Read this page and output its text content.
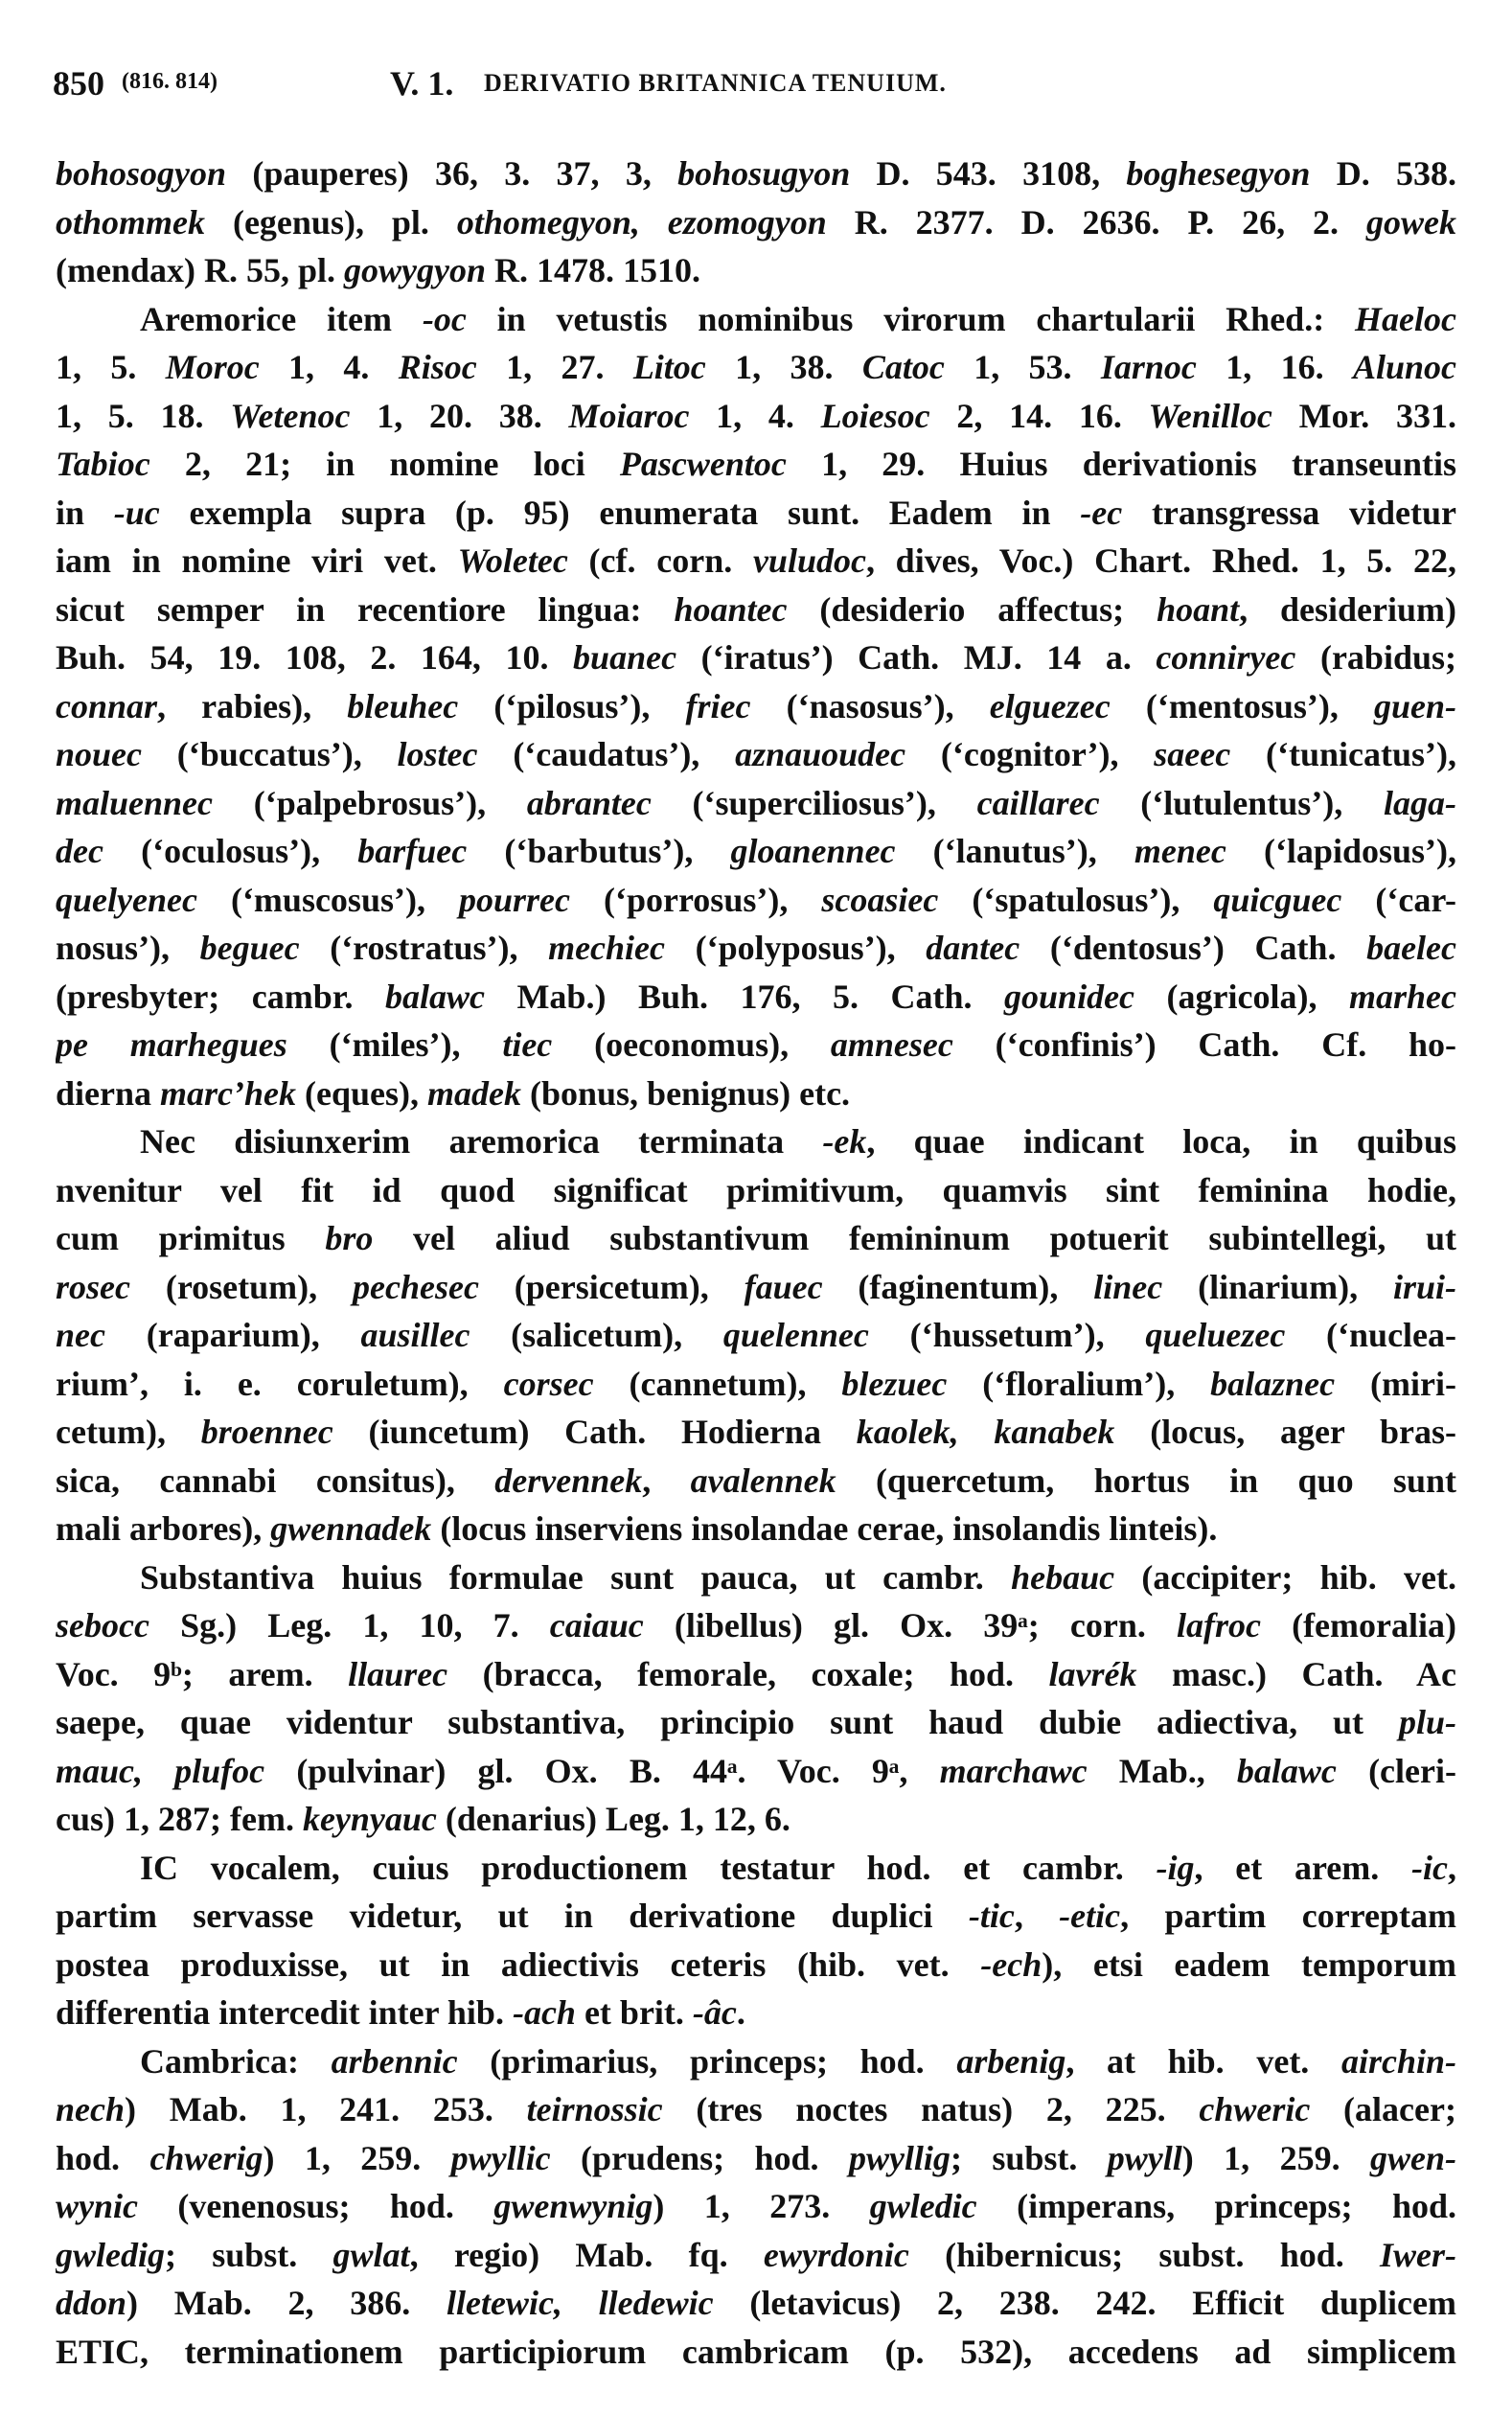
850 (816. 814)	V. 1. DERIVATIO BRITANNICA TENUIUM.
bohosogyon (pauperes) 36, 3. 37, 3, bohosugyon D. 543. 3108, boghesegyon D. 538.
othommek (egenus), pl. othomegyon, ezomogyon R. 2377. D. 2636. P. 26, 2. gowek
(mendax) R. 55, pl. gowygyon R. 1478. 1510.
Aremorice item -oc in vetustis nominibus virorum chartularii Rhed.: Haeloc
1, 5. Moroc 1, 4. Risoc 1, 27. Litoc 1, 38. Catoc 1, 53. Iarnoc 1, 16. Alunoc
1, 5. 18. Wetenoc 1, 20. 38. Moiaroc 1, 4. Loiesoc 2, 14. 16. Wenilloc Mor. 331.
Tabioc 2, 21; in nomine loci Pascwentoc 1, 29. Huius derivationis transeuntis
in -uc exempla supra (p. 95) enumerata sunt. Eadem in -ec transgressa videtur
iam in nomine viri vet. Woletec (cf. corn. vuludoc, dives, Voc.) Chart. Rhed. 1, 5. 22,
sicut semper in recentiore lingua: hoantec (desiderio affectus; hoant, desiderium)
Buh. 54, 19. 108, 2. 164, 10. buanec (‘iratus’) Cath. MJ. 14 a. conniryec (rabidus;
connar, rabies), bleuhec (‘pilosus’), friec (‘nasosus’), elguezec (‘mentosus’), guen-
nouec (‘buccatus’), lostec (‘caudatus’), aznauoudec (‘cognitor’), saeec (‘tunicatus’),
maluennec (‘palpebrosus’), abrantec (‘superciliosus’), caillarec (‘lutulentus’), laga-
dec (‘oculosus’), barfuec (‘barbutus’), gloanennec (‘lanutus’), menec (‘lapidosus’),
quelyenec (‘muscosus’), pourrec (‘porrosus’), scoasiec (‘spatulosus’), quicguec (‘car-
nosus’), beguec (‘rostratus’), mechiec (‘polyposus’), dantec (‘dentosus’) Cath. baelec
(presbyter; cambr. balawc Mab.) Buh. 176, 5. Cath. gounidec (agricola), marhec
pe marhegues (‘miles’), tiec (oeconomus), amnesec (‘confinis’) Cath. Cf. ho-
dierna marc’hek (eques), madek (bonus, benignus) etc.
Nec disiunxerim aremorica terminata -ek, quae indicant loca, in quibus
nvenitur vel fit id quod significat primitivum, quamvis sint feminina hodie,
cum primitus bro vel aliud substantivum femininum potuerit subintellegi, ut
rosec (rosetum), pechesec (persicetum), fauec (faginentum), linec (linarium), irui-
nec (raparium), ausillec (salicetum), quelennec (‘hussetum’), queluezec (‘nuclea-
rium’, i. e. coruletum), corsec (cannetum), blezuec (‘floralium’), balaznec (miri-
cetum), broennec (iuncetum) Cath. Hodierna kaolek, kanabek (locus, ager bras-
sica, cannabi consitus), dervennek, avalennek (quercetum, hortus in quo sunt
mali arbores), gwennadek (locus inserviens insolandae cerae, insolandis linteis).
Substantiva huius formulae sunt pauca, ut cambr. hebauc (accipiter; hib. vet.
sebocc Sg.) Leg. 1, 10, 7. caiauc (libellus) gl. Ox. 39ᵃ; corn. lafroc (femoralia)
Voc. 9ᵇ; arem. llaurec (bracca, femorale, coxale; hod. lavrék masc.) Cath. Ac
saepe, quae videntur substantiva, principio sunt haud dubie adiectiva, ut plu-
mauc, plufoc (pulvinar) gl. Ox. B. 44ᵃ. Voc. 9ᵃ, marchawc Mab., balawc (cleri-
cus) 1, 287; fem. keynyauc (denarius) Leg. 1, 12, 6.
IC vocalem, cuius productionem testatur hod. et cambr. -ig, et arem. -ic,
partim servasse videtur, ut in derivatione duplici -tic, -etic, partim correptam
postea produxisse, ut in adiectivis ceteris (hib. vet. -ech), etsi eadem temporum
differentia intercedit inter hib. -ach et brit. -âc.
Cambrica: arbennic (primarius, princeps; hod. arbenig, at hib. vet. airchin-
nech) Mab. 1, 241. 253. teirnossic (tres noctes natus) 2, 225. chweric (alacer;
hod. chwerig) 1, 259. pwyllic (prudens; hod. pwyllig; subst. pwyll) 1, 259. gwen-
wynic (venenosus; hod. gwenwynig) 1, 273. gwledic (imperans, princeps; hod.
gwledig; subst. gwlat, regio) Mab. fq. ewyrdonic (hibernicus; subst. hod. Iwer-
ddon) Mab. 2, 386. lletewic, lledewic (letavicus) 2, 238. 242. Efficit duplicem
ETIC, terminationem participiorum cambricam (p. 532), accedens ad simplicem
